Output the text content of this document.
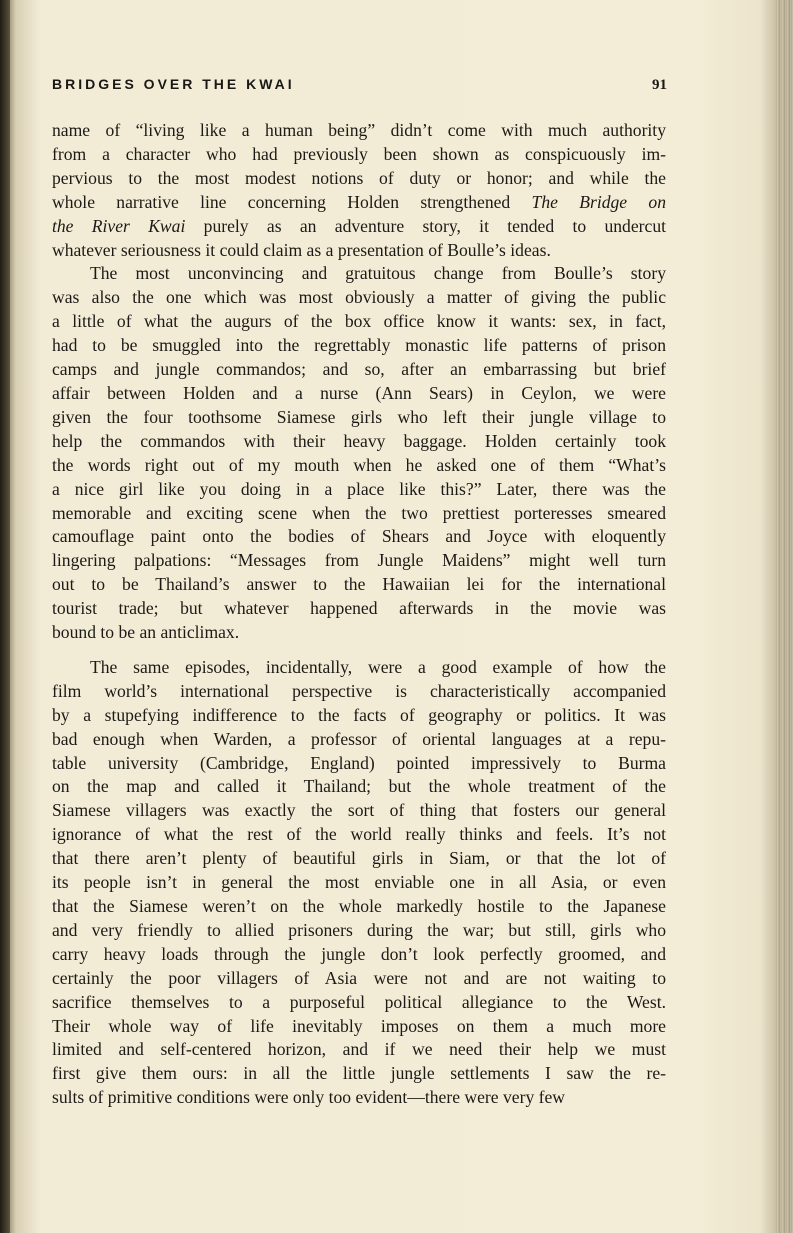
BRIDGES OVER THE KWAI	91
name of “living like a human being” didn’t come with much authority
from a character who had previously been shown as conspicuously im-
pervious to the most modest notions of duty or honor; and while the
whole narrative line concerning Holden strengthened The Bridge on
the River Kwai purely as an adventure story, it tended to undercut
whatever seriousness it could claim as a presentation of Boulle’s ideas.
The most unconvincing and gratuitous change from Boulle’s story
was also the one which was most obviously a matter of giving the public
a little of what the augurs of the box office know it wants: sex, in fact,
had to be smuggled into the regrettably monastic life patterns of prison
camps and jungle commandos; and so, after an embarrassing but brief
affair between Holden and a nurse (Ann Sears) in Ceylon, we were
given the four toothsome Siamese girls who left their jungle village to
help the commandos with their heavy baggage. Holden certainly took
the words right out of my mouth when he asked one of them “What’s
a nice girl like you doing in a place like this?” Later, there was the
memorable and exciting scene when the two prettiest porteresses smeared
camouflage paint onto the bodies of Shears and Joyce with eloquently
lingering palpations: “Messages from Jungle Maidens” might well turn
out to be Thailand’s answer to the Hawaiian lei for the international
tourist trade; but whatever happened afterwards in the movie was
bound to be an anticlimax.
The same episodes, incidentally, were a good example of how the
film world’s international perspective is characteristically accompanied
by a stupefying indifference to the facts of geography or politics. It was
bad enough when Warden, a professor of oriental languages at a repu-
table university (Cambridge, England) pointed impressively to Burma
on the map and called it Thailand; but the whole treatment of the
Siamese villagers was exactly the sort of thing that fosters our general
ignorance of what the rest of the world really thinks and feels. It’s not
that there aren’t plenty of beautiful girls in Siam, or that the lot of
its people isn’t in general the most enviable one in all Asia, or even
that the Siamese weren’t on the whole markedly hostile to the Japanese
and very friendly to allied prisoners during the war; but still, girls who
carry heavy loads through the jungle don’t look perfectly groomed, and
certainly the poor villagers of Asia were not and are not waiting to
sacrifice themselves to a purposeful political allegiance to the West.
Their whole way of life inevitably imposes on them a much more
limited and self-centered horizon, and if we need their help we must
first give them ours: in all the little jungle settlements I saw the re-
sults of primitive conditions were only too evident—there were very few
